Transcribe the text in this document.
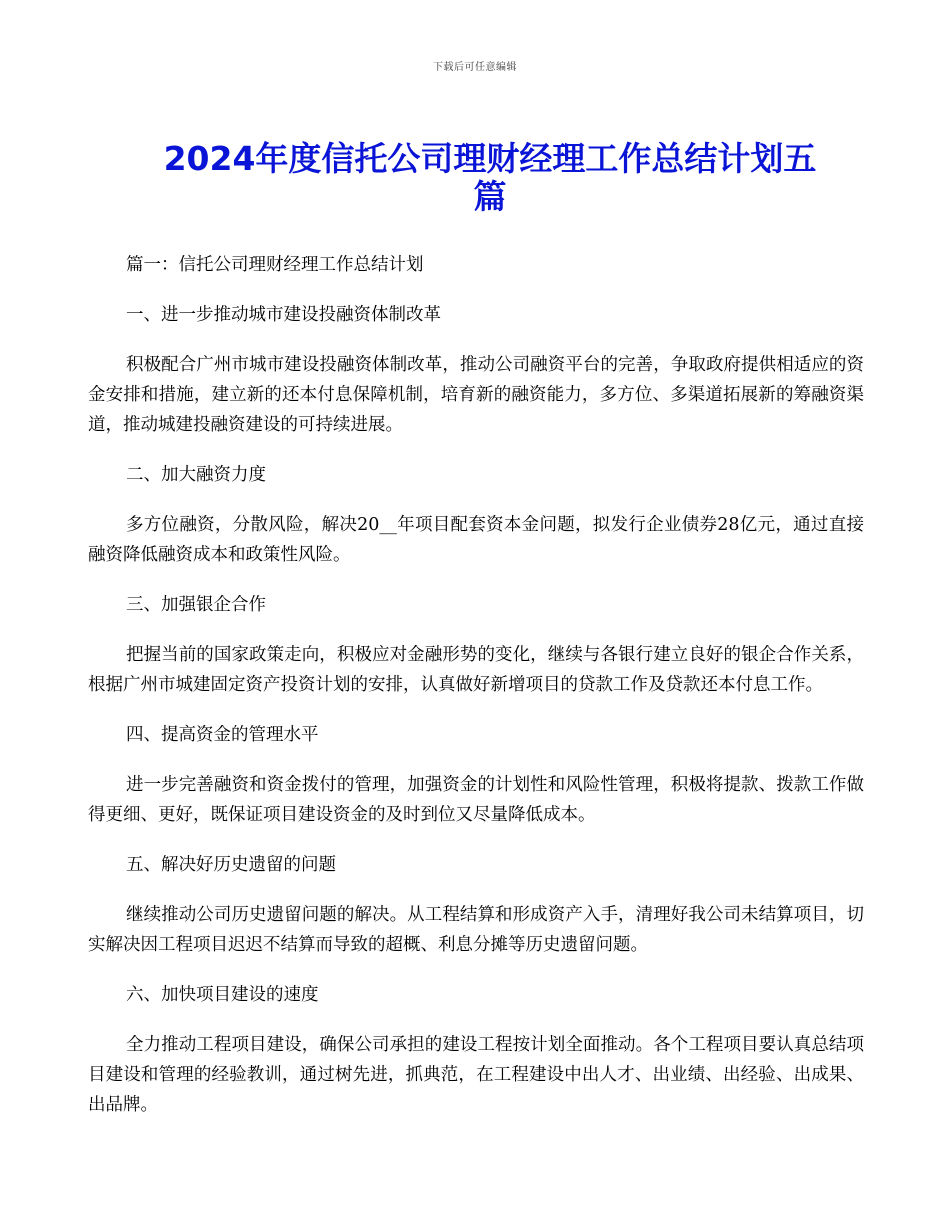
下载后可任意编辑
2024年度信托公司理财经理工作总结计划五篇

篇一：信托公司理财经理工作总结计划

一、进一步推动城市建设投融资体制改革

积极配合广州市城市建设投融资体制改革，推动公司融资平台的完善，争取政府提供相适应的资金安排和措施，建立新的还本付息保障机制，培育新的融资能力，多方位、多渠道拓展新的筹融资渠道，推动城建投融资建设的可持续进展。

二、加大融资力度

多方位融资，分散风险，解决20__年项目配套资本金问题，拟发行企业债券28亿元，通过直接融资降低融资成本和政策性风险。

三、加强银企合作

把握当前的国家政策走向，积极应对金融形势的变化，继续与各银行建立良好的银企合作关系，根据广州市城建固定资产投资计划的安排，认真做好新增项目的贷款工作及贷款还本付息工作。

四、提高资金的管理水平

进一步完善融资和资金拨付的管理，加强资金的计划性和风险性管理，积极将提款、拨款工作做得更细、更好，既保证项目建设资金的及时到位又尽量降低成本。

五、解决好历史遗留的问题

继续推动公司历史遗留问题的解决。从工程结算和形成资产入手，清理好我公司未结算项目，切实解决因工程项目迟迟不结算而导致的超概、利息分摊等历史遗留问题。

六、加快项目建设的速度

全力推动工程项目建设，确保公司承担的建设工程按计划全面推动。各个工程项目要认真总结项目建设和管理的经验教训，通过树先进，抓典范，在工程建设中出人才、出业绩、出经验、出成果、出品牌。
